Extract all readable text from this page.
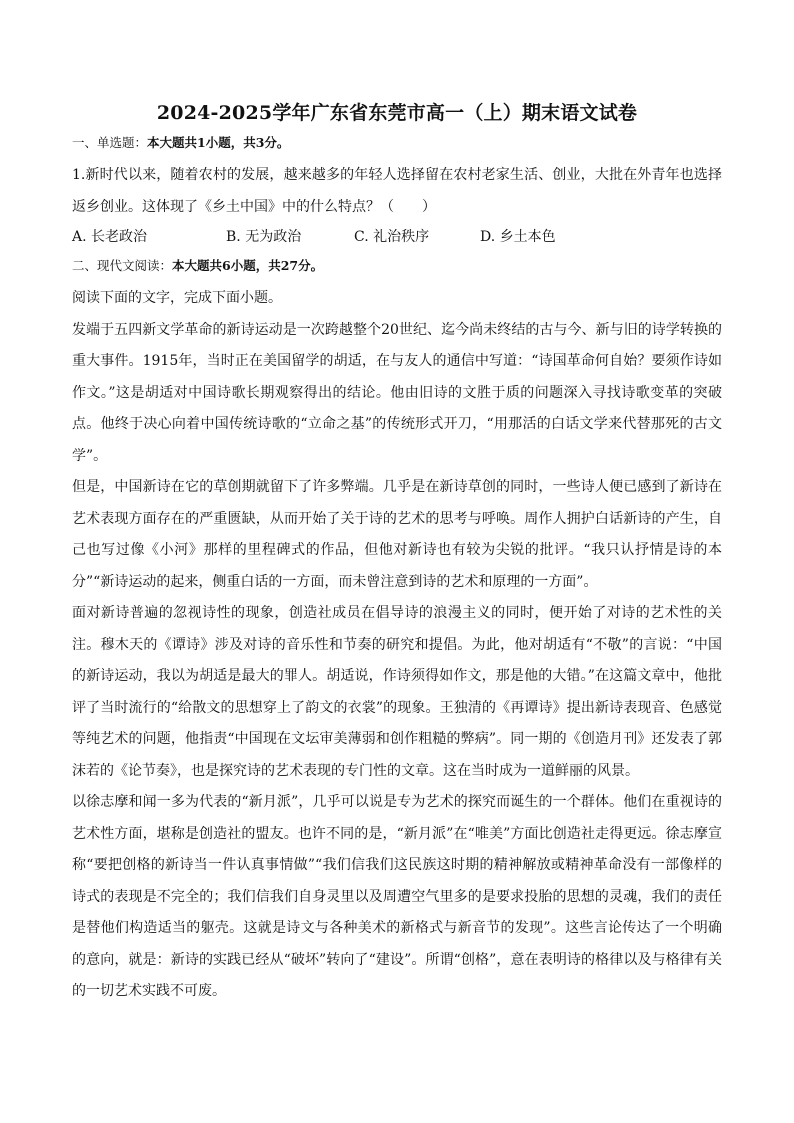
2024-2025学年广东省东莞市高一（上）期末语文试卷
一、单选题：本大题共1小题，共3分。

1.新时代以来，随着农村的发展，越来越多的年轻人选择留在农村老家生活、创业，大批在外青年也选择返乡创业。这体现了《乡土中国》中的什么特点？（　　）

A. 长老政治	B. 无为政治	C. 礼治秩序	D. 乡土本色
二、现代文阅读：本大题共6小题，共27分。

阅读下面的文字，完成下面小题。

发端于五四新文学革命的新诗运动是一次跨越整个20世纪、迄今尚未终结的古与今、新与旧的诗学转换的重大事件。1915年，当时正在美国留学的胡适，在与友人的通信中写道：“诗国革命何自始？要须作诗如作文。”这是胡适对中国诗歌长期观察得出的结论。他由旧诗的文胜于质的问题深入寻找诗歌变革的突破点。他终于决心向着中国传统诗歌的“立命之基”的传统形式开刀，“用那活的白话文学来代替那死的古文学”。

但是，中国新诗在它的草创期就留下了许多弊端。几乎是在新诗草创的同时，一些诗人便已感到了新诗在艺术表现方面存在的严重匮缺，从而开始了关于诗的艺术的思考与呼唤。周作人拥护白话新诗的产生，自己也写过像《小河》那样的里程碑式的作品，但他对新诗也有较为尖锐的批评。“我只认抒情是诗的本分”“新诗运动的起来，侧重白话的一方面，而未曾注意到诗的艺术和原理的一方面”。

面对新诗普遍的忽视诗性的现象，创造社成员在倡导诗的浪漫主义的同时，便开始了对诗的艺术性的关注。穆木天的《谭诗》涉及对诗的音乐性和节奏的研究和提倡。为此，他对胡适有“不敬”的言说：“中国的新诗运动，我以为胡适是最大的罪人。胡适说，作诗须得如作文，那是他的大错。”在这篇文章中，他批评了当时流行的“给散文的思想穿上了韵文的衣裳”的现象。王独清的《再谭诗》提出新诗表现音、色感觉等纯艺术的问题，他指责“中国现在文坛审美薄弱和创作粗糙的弊病”。同一期的《创造月刊》还发表了郭沫若的《论节奏》，也是探究诗的艺术表现的专门性的文章。这在当时成为一道鲜丽的风景。

以徐志摩和闻一多为代表的“新月派”，几乎可以说是专为艺术的探究而诞生的一个群体。他们在重视诗的艺术性方面，堪称是创造社的盟友。也许不同的是，“新月派”在“唯美”方面比创造社走得更远。徐志摩宣称“要把创格的新诗当一件认真事情做”“我们信我们这民族这时期的精神解放或精神革命没有一部像样的诗式的表现是不完全的；我们信我们自身灵里以及周遭空气里多的是要求投胎的思想的灵魂，我们的责任是替他们构造适当的躯壳。这就是诗文与各种美术的新格式与新音节的发现”。这些言论传达了一个明确的意向，就是：新诗的实践已经从“破坏”转向了“建设”。所谓“创格”，意在表明诗的格律以及与格律有关的一切艺术实践不可废。
